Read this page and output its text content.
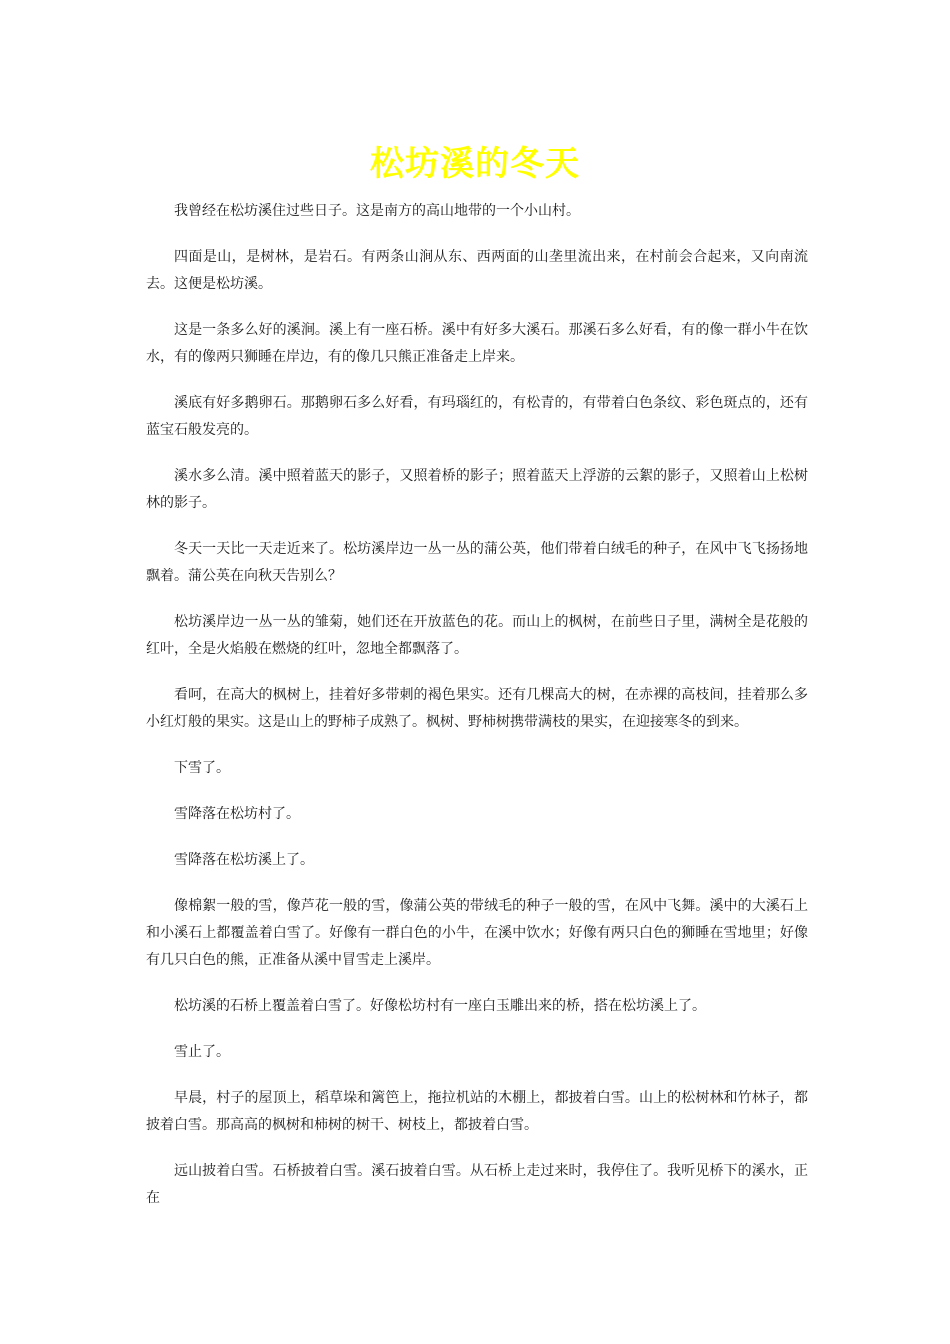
松坊溪的冬天

我曾经在松坊溪住过些日子。这是南方的高山地带的一个小山村。

四面是山，是树林，是岩石。有两条山涧从东、西两面的山垄里流出来，在村前会合起来，又向南流去。这便是松坊溪。

这是一条多么好的溪涧。溪上有一座石桥。溪中有好多大溪石。那溪石多么好看，有的像一群小牛在饮水，有的像两只狮睡在岸边，有的像几只熊正准备走上岸来。

溪底有好多鹅卵石。那鹅卵石多么好看，有玛瑙红的，有松青的，有带着白色条纹、彩色斑点的，还有蓝宝石般发亮的。

溪水多么清。溪中照着蓝天的影子，又照着桥的影子；照着蓝天上浮游的云絮的影子，又照着山上松树林的影子。

冬天一天比一天走近来了。松坊溪岸边一丛一丛的蒲公英，他们带着白绒毛的种子，在风中飞飞扬扬地飘着。蒲公英在向秋天告别么？

松坊溪岸边一丛一丛的雏菊，她们还在开放蓝色的花。而山上的枫树，在前些日子里，满树全是花般的红叶，全是火焰般在燃烧的红叶，忽地全都飘落了。

看呵，在高大的枫树上，挂着好多带刺的褐色果实。还有几棵高大的树，在赤裸的高枝间，挂着那么多小红灯般的果实。这是山上的野柿子成熟了。枫树、野柿树携带满枝的果实，在迎接寒冬的到来。

下雪了。

雪降落在松坊村了。

雪降落在松坊溪上了。

像棉絮一般的雪，像芦花一般的雪，像蒲公英的带绒毛的种子一般的雪，在风中飞舞。溪中的大溪石上和小溪石上都覆盖着白雪了。好像有一群白色的小牛，在溪中饮水；好像有两只白色的狮睡在雪地里；好像有几只白色的熊，正准备从溪中冒雪走上溪岸。

松坊溪的石桥上覆盖着白雪了。好像松坊村有一座白玉雕出来的桥，搭在松坊溪上了。

雪止了。

早晨，村子的屋顶上，稻草垛和篱笆上，拖拉机站的木棚上，都披着白雪。山上的松树林和竹林子，都披着白雪。那高高的枫树和柿树的树干、树枝上，都披着白雪。

远山披着白雪。石桥披着白雪。溪石披着白雪。从石桥上走过来时，我停住了。我听见桥下的溪水，正在
